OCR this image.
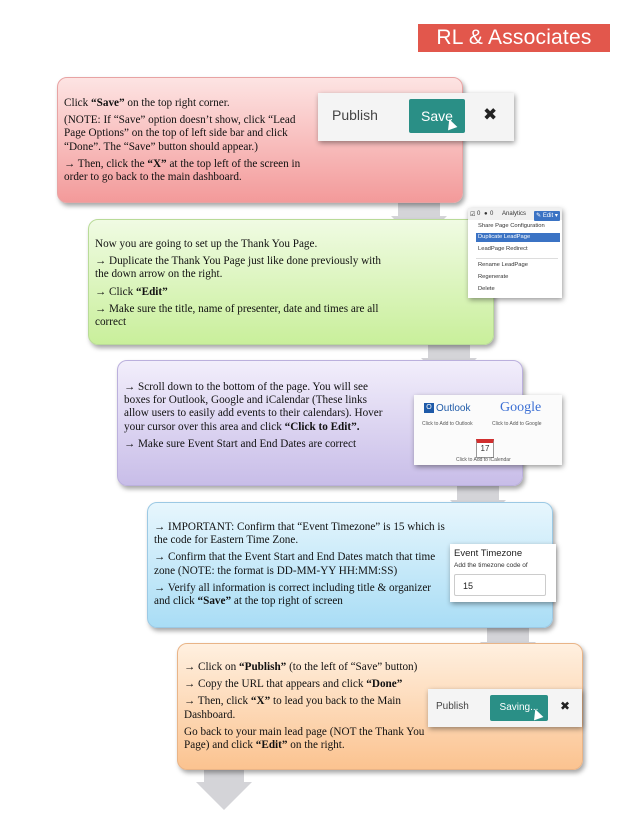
RL & Associates LLC

Click “Save” on the top right corner.

(NOTE: If “Save” option doesn’t show, click “Lead Page Options” on the top of left side bar and click “Done”. The “Save” button should appear.)

→ Then, click the “X” at the top left of the screen in order to go back to the main dashboard.

Now you are going to set up the Thank You Page.

→ Duplicate the Thank You Page just like done previously with the down arrow on the right.

→ Click “Edit”

→ Make sure the title, name of presenter, date and times are all correct

→ Scroll down to the bottom of the page. You will see boxes for Outlook, Google and iCalendar (These links allow users to easily add events to their calendars). Hover your cursor over this area and click “Click to Edit”.

→ Make sure Event Start and End Dates are correct

→ IMPORTANT: Confirm that “Event Timezone” is 15 which is the code for Eastern Time Zone.

→ Confirm that the Event Start and End Dates match that time zone (NOTE: the format is DD-MM-YY HH:MM:SS)

→ Verify all information is correct including title & organizer and click “Save” at the top right of screen

→ Click on “Publish” (to the left of “Save” button)

→ Copy the URL that appears and click “Done”

→ Then, click “X” to lead you back to the Main Dashboard.

Go back to your main lead page (NOT the Thank You Page) and click “Edit” on the right.

Publish	Save	✖
☑ 0 ● 0 Analytics	✎ Edit ▾
Share Page Configuration
Duplicate LeadPage
LeadPage Redirect
Rename LeadPage
Regenerate
Delete
O Outlook
Click to Add to Outlook
Google
Click to Add to Google
17
Click to Add to iCalendar
Event Timezone
Add the timezone code of
15
Publish	Saving...	✖
